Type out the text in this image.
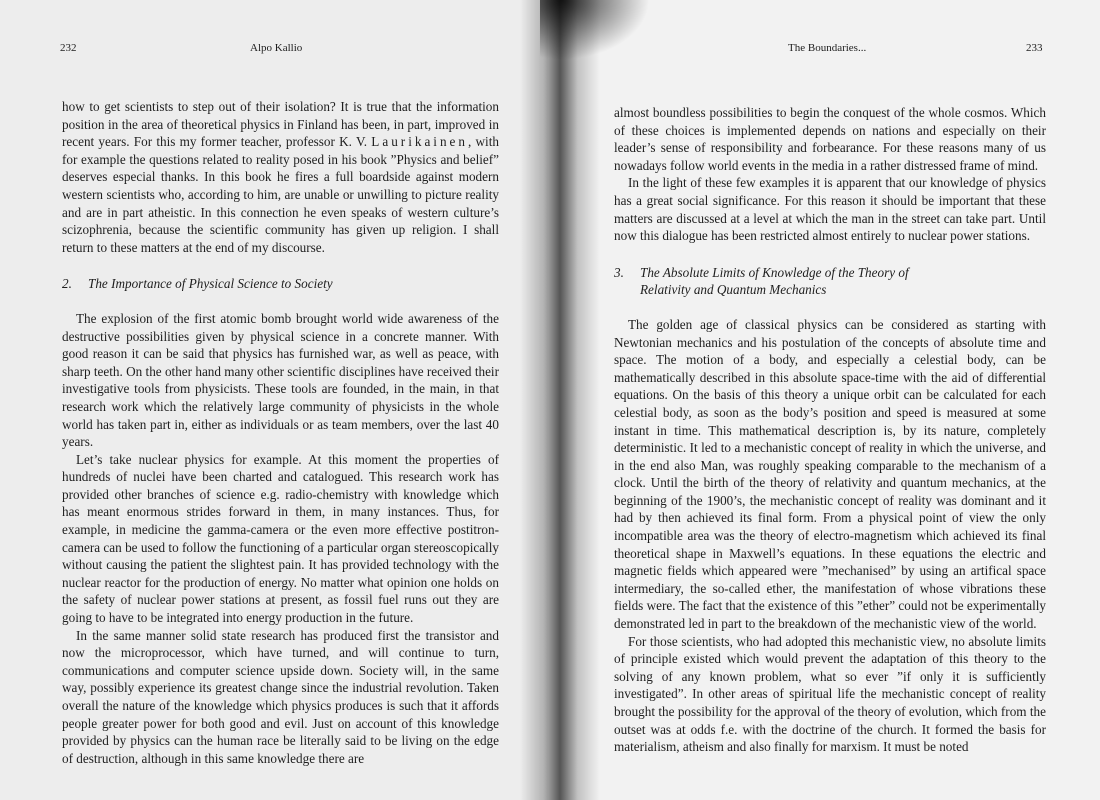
232	Alpo Kallio

how to get scientists to step out of their isolation? It is true that the information position in the area of theoretical physics in Finland has been, in part, improved in recent years. For this my former teacher, professor K. V. Laurikainen, with for example the questions related to reality posed in his book ”Physics and belief” deserves especial thanks. In this book he fires a full boardside against modern western scientists who, according to him, are unable or unwilling to picture reality and are in part atheistic. In this connection he even speaks of western culture’s scizophrenia, because the scientific community has given up religion. I shall return to these matters at the end of my discourse.

2. The Importance of Physical Science to Society

The explosion of the first atomic bomb brought world wide awareness of the destructive possibilities given by physical science in a concrete manner. With good reason it can be said that physics has furnished war, as well as peace, with sharp teeth. On the other hand many other scientific disciplines have received their investigative tools from physicists. These tools are founded, in the main, in that research work which the relatively large community of physicists in the whole world has taken part in, either as individuals or as team members, over the last 40 years.

Let’s take nuclear physics for example. At this moment the properties of hundreds of nuclei have been charted and catalogued. This research work has provided other branches of science e.g. radio-chemistry with knowledge which has meant enormous strides forward in them, in many instances. Thus, for example, in medicine the gamma-camera or the even more effective postitron-camera can be used to follow the functioning of a particular organ stereoscopically without causing the patient the slightest pain. It has provided technology with the nuclear reactor for the production of energy. No matter what opinion one holds on the safety of nuclear power stations at present, as fossil fuel runs out they are going to have to be integrated into energy production in the future.

In the same manner solid state research has produced first the transistor and now the microprocessor, which have turned, and will continue to turn, communications and computer science upside down. Society will, in the same way, possibly experience its greatest change since the industrial revolution. Taken overall the nature of the knowledge which physics produces is such that it affords people greater power for both good and evil. Just on account of this knowledge provided by physics can the human race be literally said to be living on the edge of destruction, although in this same knowledge there are

The Boundaries...	233

almost boundless possibilities to begin the conquest of the whole cosmos. Which of these choices is implemented depends on nations and especially on their leader’s sense of responsibility and forbearance. For these reasons many of us nowadays follow world events in the media in a rather distressed frame of mind.

In the light of these few examples it is apparent that our knowledge of physics has a great social significance. For this reason it should be important that these matters are discussed at a level at which the man in the street can take part. Until now this dialogue has been restricted almost entirely to nuclear power stations.

3. The Absolute Limits of Knowledge of the Theory of
Relativity and Quantum Mechanics

The golden age of classical physics can be considered as starting with Newtonian mechanics and his postulation of the concepts of absolute time and space. The motion of a body, and especially a celestial body, can be mathematically described in this absolute space-time with the aid of differential equations. On the basis of this theory a unique orbit can be calculated for each celestial body, as soon as the body’s position and speed is measured at some instant in time. This mathematical description is, by its nature, completely deterministic. It led to a mechanistic concept of reality in which the universe, and in the end also Man, was roughly speaking comparable to the mechanism of a clock. Until the birth of the theory of relativity and quantum mechanics, at the beginning of the 1900’s, the mechanistic concept of reality was dominant and it had by then achieved its final form. From a physical point of view the only incompatible area was the theory of electro-magnetism which achieved its final theoretical shape in Maxwell’s equations. In these equations the electric and magnetic fields which appeared were ”mechanised” by using an artifical space intermediary, the so-called ether, the manifestation of whose vibrations these fields were. The fact that the existence of this ”ether” could not be experimentally demonstrated led in part to the breakdown of the mechanistic view of the world.

For those scientists, who had adopted this mechanistic view, no absolute limits of principle existed which would prevent the adaptation of this theory to the solving of any known problem, what so ever ”if only it is sufficiently investigated”. In other areas of spiritual life the mechanistic concept of reality brought the possibility for the approval of the theory of evolution, which from the outset was at odds f.e. with the doctrine of the church. It formed the basis for materialism, atheism and also finally for marxism. It must be noted
